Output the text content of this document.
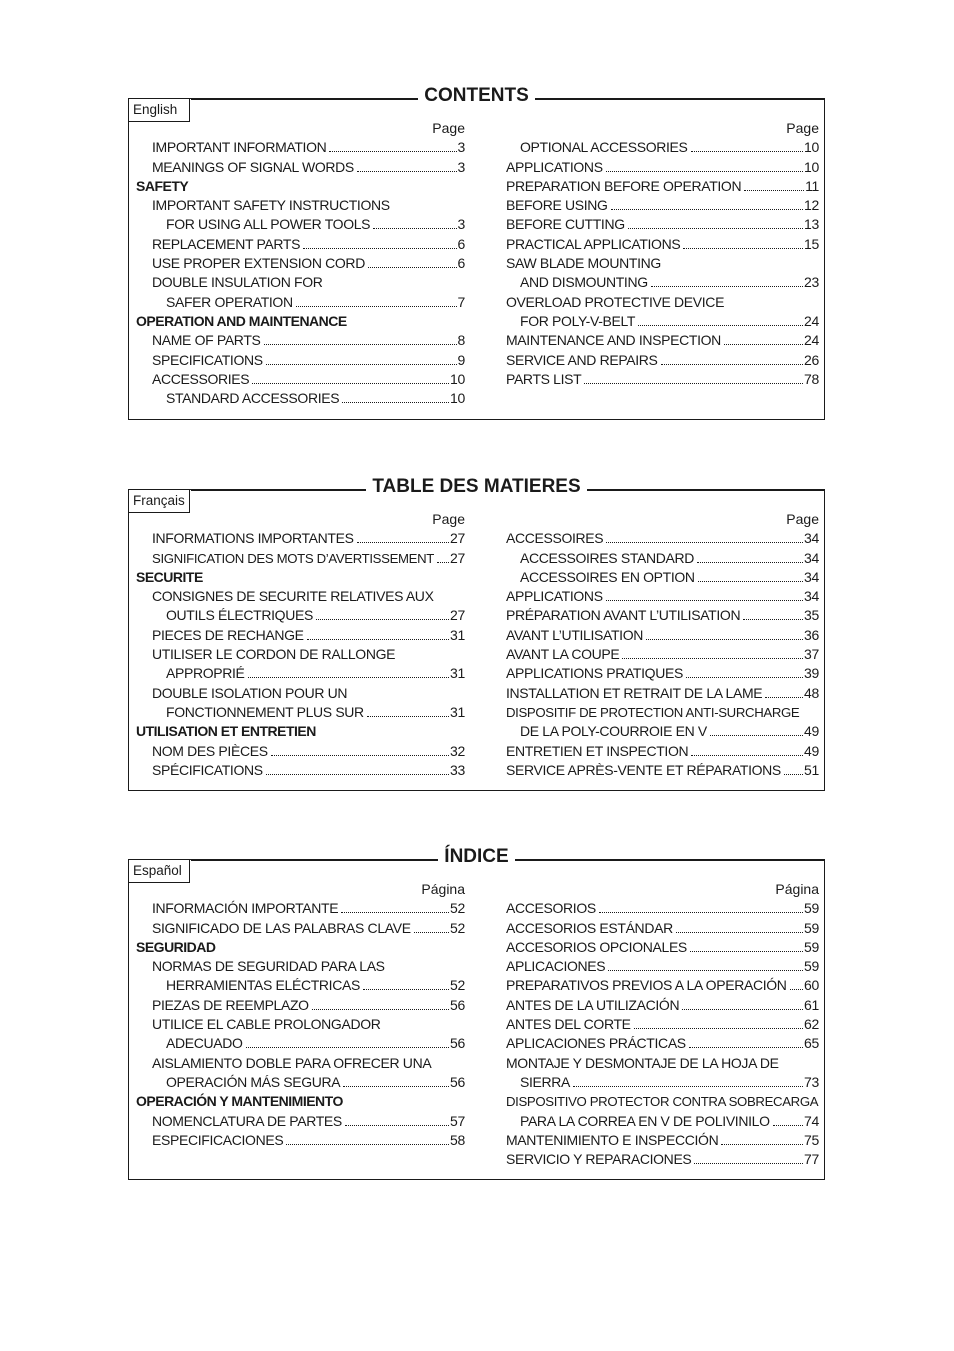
CONTENTS
English
Page
IMPORTANT INFORMATION	3
MEANINGS OF SIGNAL WORDS	3
SAFETY
IMPORTANT SAFETY INSTRUCTIONS
FOR USING ALL POWER TOOLS	3
REPLACEMENT PARTS	6
USE PROPER EXTENSION CORD	6
DOUBLE INSULATION FOR
SAFER OPERATION	7
OPERATION AND MAINTENANCE
NAME OF PARTS	8
SPECIFICATIONS	9
ACCESSORIES	10
STANDARD ACCESSORIES	10
Page
OPTIONAL ACCESSORIES	10
APPLICATIONS	10
PREPARATION BEFORE OPERATION	11
BEFORE USING	12
BEFORE CUTTING	13
PRACTICAL APPLICATIONS	15
SAW BLADE MOUNTING
AND DISMOUNTING	23
OVERLOAD PROTECTIVE DEVICE
FOR POLY-V-BELT	24
MAINTENANCE AND INSPECTION	24
SERVICE AND REPAIRS	26
PARTS LIST	78
TABLE DES MATIERES
Français
Page
INFORMATIONS IMPORTANTES	27
SIGNIFICATION DES MOTS D’AVERTISSEMENT 27
SECURITE
CONSIGNES DE SECURITE RELATIVES AUX
OUTILS ÉLECTRIQUES	27
PIECES DE RECHANGE	31
UTILISER LE CORDON DE RALLONGE
APPROPRIÉ	31
DOUBLE ISOLATION POUR UN
FONCTIONNEMENT PLUS SUR	31
UTILISATION ET ENTRETIEN
NOM DES PIÈCES	32
SPÉCIFICATIONS	33
Page
ACCESSOIRES	34
ACCESSOIRES STANDARD	34
ACCESSOIRES EN OPTION	34
APPLICATIONS	34
PRÉPARATION AVANT L’UTILISATION	35
AVANT L’UTILISATION	36
AVANT LA COUPE	37
APPLICATIONS PRATIQUES	39
INSTALLATION ET RETRAIT DE LA LAME	48
DISPOSITIF DE PROTECTION ANTI-SURCHARGE
DE LA POLY-COURROIE EN V	49
ENTRETIEN ET INSPECTION	49
SERVICE APRÈS-VENTE ET RÉPARATIONS 51
ÍNDICE
Español
Página
INFORMACIÓN IMPORTANTE	52
SIGNIFICADO DE LAS PALABRAS CLAVE	52
SEGURIDAD
NORMAS DE SEGURIDAD PARA LAS
HERRAMIENTAS ELÉCTRICAS	52
PIEZAS DE REEMPLAZO	56
UTILICE EL CABLE PROLONGADOR
ADECUADO	56
AISLAMIENTO DOBLE PARA OFRECER UNA
OPERACIÓN MÁS SEGURA	56
OPERACIÓN Y MANTENIMIENTO
NOMENCLATURA DE PARTES	57
ESPECIFICACIONES	58
Página
ACCESORIOS	59
ACCESORIOS ESTÁNDAR	59
ACCESORIOS OPCIONALES	59
APLICACIONES	59
PREPARATIVOS PREVIOS A LA OPERACIÓN 60
ANTES DE LA UTILIZACIÓN	61
ANTES DEL CORTE	62
APLICACIONES PRÁCTICAS	65
MONTAJE Y DESMONTAJE DE LA HOJA DE
SIERRA	73
DISPOSITIVO PROTECTOR CONTRA SOBRECARGA
PARA LA CORREA EN V DE POLIVINILO 74
MANTENIMIENTO E INSPECCIÓN	75
SERVICIO Y REPARACIONES	77
